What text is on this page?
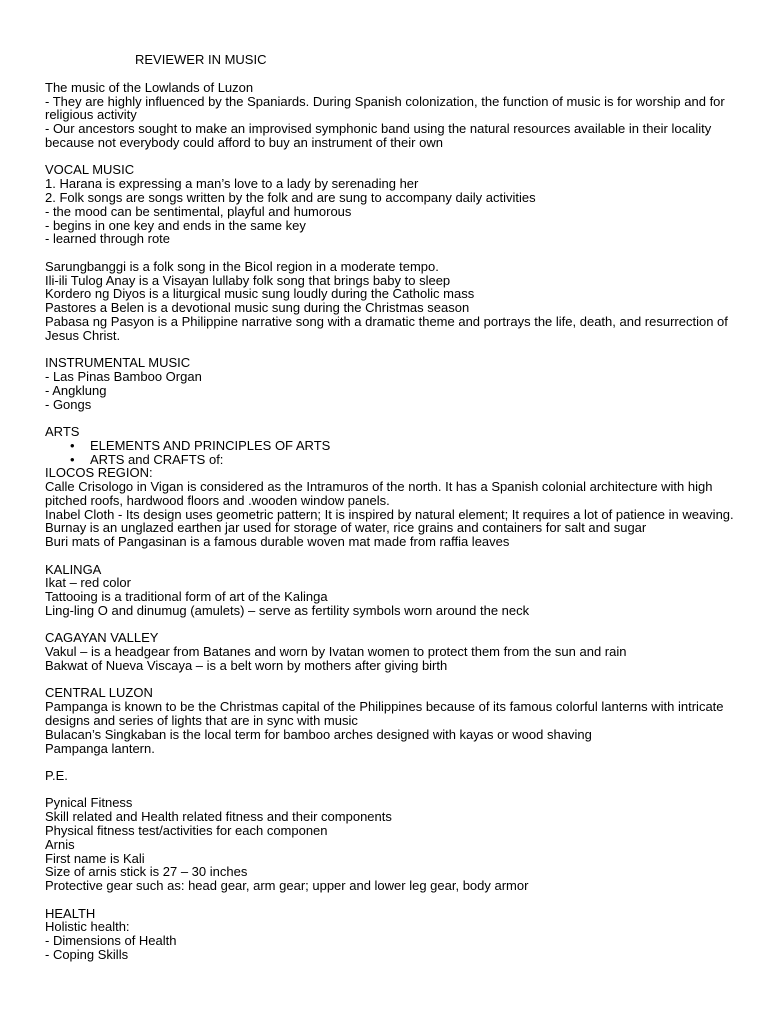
REVIEWER IN MUSIC
The music of the Lowlands of Luzon
- They are highly influenced by the Spaniards. During Spanish colonization, the function of music is for worship and for religious activity
- Our ancestors sought to make an improvised symphonic band using the natural resources available in their locality because not everybody could afford to buy an instrument of their own
VOCAL MUSIC
1. Harana is expressing a man’s love to a lady by serenading her
2. Folk songs are songs written by the folk and are sung to accompany daily activities
- the mood can be sentimental, playful and humorous
- begins in one key and ends in the same key
- learned through rote
Sarungbanggi is a folk song in the Bicol region in a moderate tempo.
Ili-ili Tulog Anay is a Visayan lullaby folk song that brings baby to sleep
Kordero ng Diyos is a liturgical music sung loudly during the Catholic mass
Pastores a Belen is a devotional music sung during the Christmas season
Pabasa ng Pasyon is a Philippine narrative song with a dramatic theme and portrays the life, death, and resurrection of Jesus Christ.
INSTRUMENTAL MUSIC
- Las Pinas Bamboo Organ
- Angklung
- Gongs
ARTS
• ELEMENTS AND PRINCIPLES OF ARTS
• ARTS and CRAFTS of:
ILOCOS REGION:
Calle Crisologo in Vigan is considered as the Intramuros of the north. It has a Spanish colonial architecture with high pitched roofs, hardwood floors and .wooden window panels.
Inabel Cloth - Its design uses geometric pattern; It is inspired by natural element; It requires a lot of patience in weaving.
Burnay is an unglazed earthen jar used for storage of water, rice grains and containers for salt and sugar
Buri mats of Pangasinan is a famous durable woven mat made from raffia leaves
KALINGA
Ikat – red color
Tattooing is a traditional form of art of the Kalinga
Ling-ling O and dinumug (amulets) – serve as fertility symbols worn around the neck
CAGAYAN VALLEY
Vakul – is a headgear from Batanes and worn by Ivatan women to protect them from the sun and rain
Bakwat of Nueva Viscaya – is a belt worn by mothers after giving birth
CENTRAL LUZON
Pampanga is known to be the Christmas capital of the Philippines because of its famous colorful lanterns with intricate designs and series of lights that are in sync with music
Bulacan’s Singkaban is the local term for bamboo arches designed with kayas or wood shaving
Pampanga lantern.
P.E.
Pynical Fitness
Skill related and Health related fitness and their components
Physical fitness test/activities for each componen
Arnis
First name is Kali
Size of arnis stick is 27 – 30 inches
Protective gear such as: head gear, arm gear; upper and lower leg gear, body armor
HEALTH
Holistic health:
- Dimensions of Health
- Coping Skills
